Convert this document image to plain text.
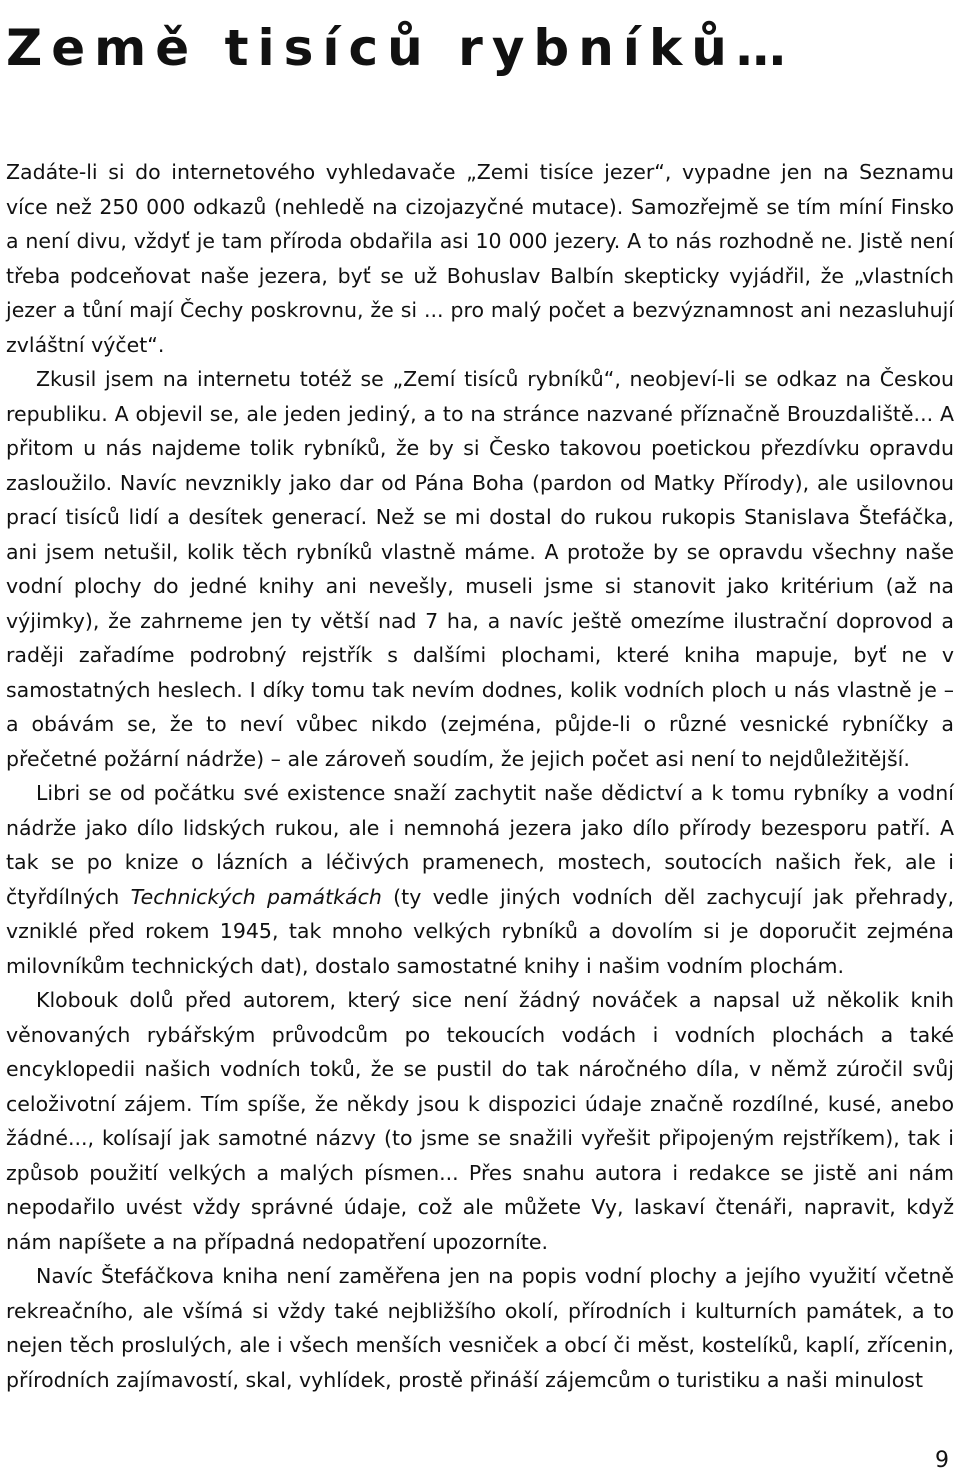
Země tisíců rybníků…

Zadáte-li si do internetového vyhledavače „Zemi tisíce jezer“, vypadne jen na Seznamu více než 250 000 odkazů (nehledě na cizojazyčné mutace). Samozřejmě se tím míní Finsko a není divu, vždyť je tam příroda obdařila asi 10 000 jezery. A to nás rozhodně ne. Jistě není třeba podceňovat naše jezera, byť se už Bohuslav Balbín skepticky vyjádřil, že „vlastních jezer a tůní mají Čechy poskrovnu, že si ... pro malý počet a bezvýznamnost ani nezasluhují zvláštní výčet“.

Zkusil jsem na internetu totéž se „Zemí tisíců rybníků“, neobjeví-li se odkaz na Českou republiku. A objevil se, ale jeden jediný, a to na stránce nazvané příznačně Brouzdaliště... A přitom u nás najdeme tolik rybníků, že by si Česko takovou poetickou přezdívku opravdu zasloužilo. Navíc nevznikly jako dar od Pána Boha (pardon od Matky Přírody), ale usilovnou prací tisíců lidí a desítek generací. Než se mi dostal do rukou rukopis Stanislava Štefáčka, ani jsem netušil, kolik těch rybníků vlastně máme. A protože by se opravdu všechny naše vodní plochy do jedné knihy ani nevešly, museli jsme si stanovit jako kritérium (až na výjimky), že zahrneme jen ty větší nad 7 ha, a navíc ještě omezíme ilustrační doprovod a raději zařadíme podrobný rejstřík s dalšími plochami, které kniha mapuje, byť ne v samostatných heslech. I díky tomu tak nevím dodnes, kolik vodních ploch u nás vlastně je – a obávám se, že to neví vůbec nikdo (zejména, půjde-li o různé vesnické rybníčky a přečetné požární nádrže) – ale zároveň soudím, že jejich počet asi není to nejdůležitější.

Libri se od počátku své existence snaží zachytit naše dědictví a k tomu rybníky a vodní nádrže jako dílo lidských rukou, ale i nemnohá jezera jako dílo přírody bezesporu patří. A tak se po knize o lázních a léčivých pramenech, mostech, soutocích našich řek, ale i čtyřdílných Technických památkách (ty vedle jiných vodních děl zachycují jak přehrady, vzniklé před rokem 1945, tak mnoho velkých rybníků a dovolím si je doporučit zejména milovníkům technických dat), dostalo samostatné knihy i našim vodním plochám.

Klobouk dolů před autorem, který sice není žádný nováček a napsal už několik knih věnovaných rybářským průvodcům po tekoucích vodách i vodních plochách a také encyklopedii našich vodních toků, že se pustil do tak náročného díla, v němž zúročil svůj celoživotní zájem. Tím spíše, že někdy jsou k dispozici údaje značně rozdílné, kusé, anebo žádné..., kolísají jak samotné názvy (to jsme se snažili vyřešit připojeným rejstříkem), tak i způsob použití velkých a malých písmen... Přes snahu autora i redakce se jistě ani nám nepodařilo uvést vždy správné údaje, což ale můžete Vy, laskaví čtenáři, napravit, když nám napíšete a na případná nedopatření upozorníte.

Navíc Štefáčkova kniha není zaměřena jen na popis vodní plochy a jejího využití včetně rekreačního, ale všímá si vždy také nejbližšího okolí, přírodních i kulturních památek, a to nejen těch proslulých, ale i všech menších vesniček a obcí či měst, kostelíků, kaplí, zřícenin, přírodních zajímavostí, skal, vyhlídek, prostě přináší zájemcům o turistiku a naši minulost

9
